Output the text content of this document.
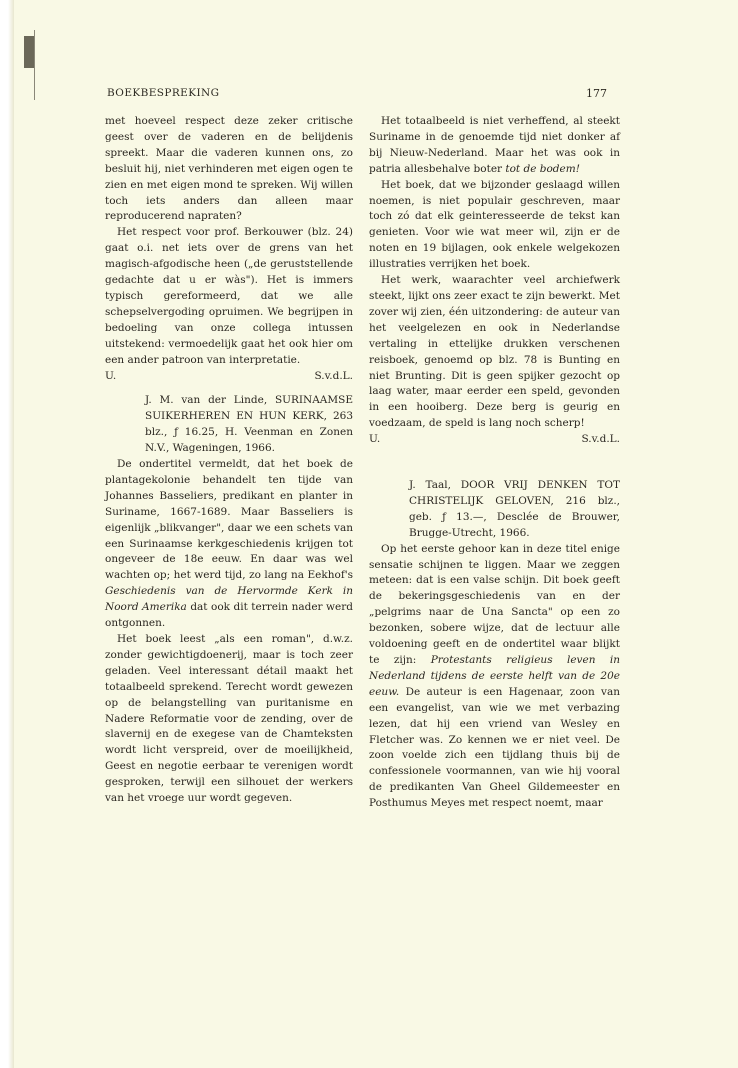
BOEKBESPREKING	177

met hoeveel respect deze zeker critische geest over de vaderen en de belijdenis spreekt. Maar die vaderen kunnen ons, zo besluit hij, niet verhinderen met eigen ogen te zien en met eigen mond te spreken. Wij willen toch iets anders dan alleen maar reproducerend napraten?

Het respect voor prof. Berkouwer (blz. 24) gaat o.i. net iets over de grens van het magisch-afgodische heen („de geruststellende gedachte dat u er wàs"). Het is immers typisch gereformeerd, dat we alle schepselvergoding opruimen. We begrijpen in bedoeling van onze collega intussen uitstekend: vermoedelijk gaat het ook hier om een ander patroon van interpretatie.

U.	S.v.d.L.

J. M. van der Linde, SURINAAMSE SUIKERHEREN EN HUN KERK, 263 blz., ƒ 16.25, H. Veenman en Zonen N.V., Wageningen, 1966.

De ondertitel vermeldt, dat het boek de plantagekolonie behandelt ten tijde van Johannes Basseliers, predikant en planter in Suriname, 1667-1689. Maar Basseliers is eigenlijk „blikvanger", daar we een schets van een Surinaamse kerkgeschiedenis krijgen tot ongeveer de 18e eeuw. En daar was wel wachten op; het werd tijd, zo lang na Eekhof's Geschiedenis van de Hervormde Kerk in Noord Amerika dat ook dit terrein nader werd ontgonnen.

Het boek leest „als een roman", d.w.z. zonder gewichtigdoenerij, maar is toch zeer geladen. Veel interessant détail maakt het totaalbeeld sprekend. Terecht wordt gewezen op de belangstelling van puritanisme en Nadere Reformatie voor de zending, over de slavernij en de exegese van de Chamteksten wordt licht verspreid, over de moeilijkheid, Geest en negotie eerbaar te verenigen wordt gesproken, terwijl een silhouet der werkers van het vroege uur wordt gegeven.

Het totaalbeeld is niet verheffend, al steekt Suriname in de genoemde tijd niet donker af bij Nieuw-Nederland. Maar het was ook in patria allesbehalve boter tot de bodem!

Het boek, dat we bijzonder geslaagd willen noemen, is niet populair geschreven, maar toch zó dat elk geinteresseerde de tekst kan genieten. Voor wie wat meer wil, zijn er de noten en 19 bijlagen, ook enkele welgekozen illustraties verrijken het boek.

Het werk, waarachter veel archiefwerk steekt, lijkt ons zeer exact te zijn bewerkt. Met zover wij zien, één uitzondering: de auteur van het veelgelezen en ook in Nederlandse vertaling in ettelijke drukken verschenen reisboek, genoemd op blz. 78 is Bunting en niet Brunting. Dit is geen spijker gezocht op laag water, maar eerder een speld, gevonden in een hooiberg. Deze berg is geurig en voedzaam, de speld is lang noch scherp!

U.	S.v.d.L.

J. Taal, DOOR VRIJ DENKEN TOT CHRISTELIJK GELOVEN, 216 blz., geb. ƒ 13.—, Desclée de Brouwer, Brugge-Utrecht, 1966.

Op het eerste gehoor kan in deze titel enige sensatie schijnen te liggen. Maar we zeggen meteen: dat is een valse schijn. Dit boek geeft de bekeringsgeschiedenis van en der „pelgrims naar de Una Sancta" op een zo bezonken, sobere wijze, dat de lectuur alle voldoening geeft en de ondertitel waar blijkt te zijn: Protestants religieus leven in Nederland tijdens de eerste helft van de 20e eeuw. De auteur is een Hagenaar, zoon van een evangelist, van wie we met verbazing lezen, dat hij een vriend van Wesley en Fletcher was. Zo kennen we er niet veel. De zoon voelde zich een tijdlang thuis bij de confessionele voormannen, van wie hij vooral de predikanten Van Gheel Gildemeester en Posthumus Meyes met respect noemt, maar
